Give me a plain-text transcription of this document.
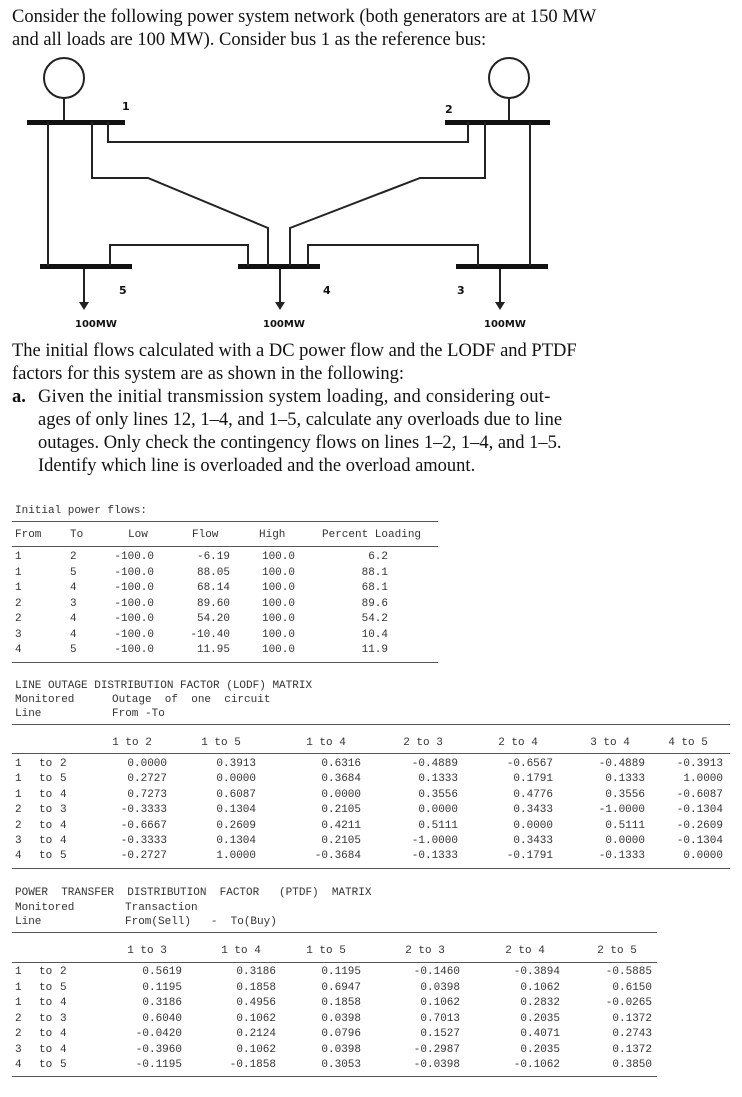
Consider the following power system network (both generators are at 150 MW
and all loads are 100 MW). Consider bus 1 as the reference bus:
1	2
3
4
5
100MW	100MW	100MW

The initial flows calculated with a DC power flow and the LODF and PTDF

factors for this system are as shown in the following:

a. Given the initial transmission system loading, and considering out-

ages of only lines 12, 1–4, and 1–5, calculate any overloads due to line

outages. Only check the contingency flows on lines 1–2, 1–4, and 1–5.

Identify which line is overloaded and the overload amount.

Initial power flows:
From	To	Low	Flow	High	Percent Loading
1	2	-100.0	-6.19	100.0	6.2
1	5	-100.0	88.05	100.0	88.1
1	4	-100.0	68.14	100.0	68.1
2	3	-100.0	89.60	100.0	89.6
2	4	-100.0	54.20	100.0	54.2
3	4	-100.0	-10.40	100.0	10.4
4	5	-100.0	11.95	100.0	11.9
LINE OUTAGE DISTRIBUTION FACTOR (LODF) MATRIX
Monitored	Outage  of  one  circuit
Line	From -To
1 to 2	1 to 5	1 to 4	2 to 3	2 to 4	3 to 4	4 to 5
1	to 2	0.0000	0.3913	0.6316	-0.4889	-0.6567	-0.4889	-0.3913
1	to 5	0.2727	0.0000	0.3684	0.1333	0.1791	0.1333	1.0000
1	to 4	0.7273	0.6087	0.0000	0.3556	0.4776	0.3556	-0.6087
2	to 3	-0.3333	0.1304	0.2105	0.0000	0.3433	-1.0000	-0.1304
2	to 4	-0.6667	0.2609	0.4211	0.5111	0.0000	0.5111	-0.2609
3	to 4	-0.3333	0.1304	0.2105	-1.0000	0.3433	0.0000	-0.1304
4	to 5	-0.2727	1.0000	-0.3684	-0.1333	-0.1791	-0.1333	0.0000
POWER  TRANSFER  DISTRIBUTION  FACTOR   (PTDF)  MATRIX
Monitored	Transaction
Line	From(Sell)   -  To(Buy)
1 to 3	1 to 4	1 to 5	2 to 3	2 to 4	2 to 5
1	to 2	0.5619	0.3186	0.1195	-0.1460	-0.3894	-0.5885
1	to 5	0.1195	0.1858	0.6947	0.0398	0.1062	0.6150
1	to 4	0.3186	0.4956	0.1858	0.1062	0.2832	-0.0265
2	to 3	0.6040	0.1062	0.0398	0.7013	0.2035	0.1372
2	to 4	-0.0420	0.2124	0.0796	0.1527	0.4071	0.2743
3	to 4	-0.3960	0.1062	0.0398	-0.2987	0.2035	0.1372
4	to 5	-0.1195	-0.1858	0.3053	-0.0398	-0.1062	0.3850
